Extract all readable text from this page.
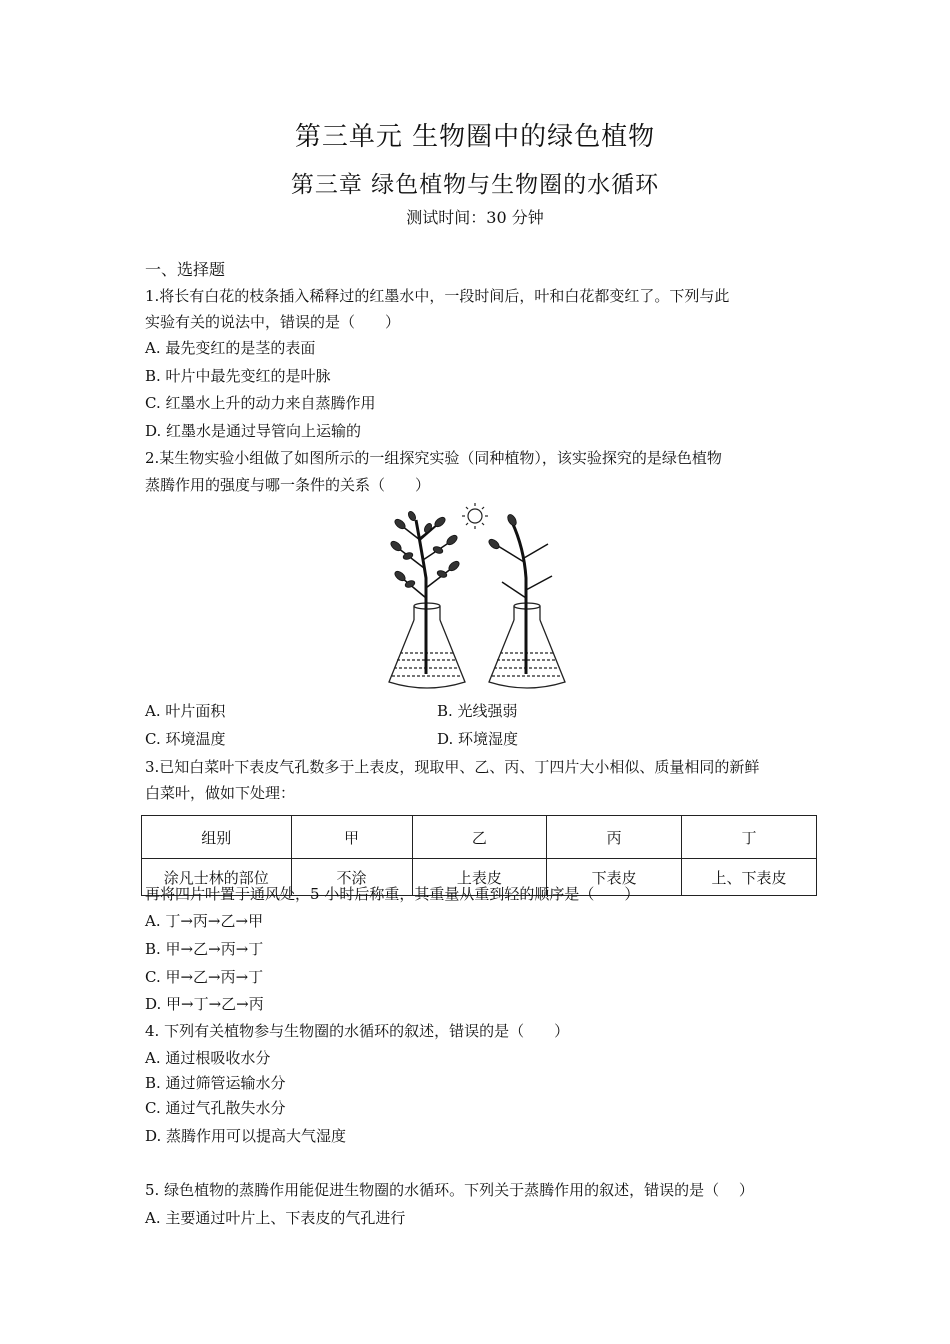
第三单元 生物圈中的绿色植物
第三章 绿色植物与生物圈的水循环
测试时间：30 分钟
一、选择题
1.将长有白花的枝条插入稀释过的红墨水中，一段时间后，叶和白花都变红了。下列与此
实验有关的说法中，错误的是（　　）
A. 最先变红的是茎的表面
B. 叶片中最先变红的是叶脉
C. 红墨水上升的动力来自蒸腾作用
D. 红墨水是通过导管向上运输的
2.某生物实验小组做了如图所示的一组探究实验（同种植物），该实验探究的是绿色植物
蒸腾作用的强度与哪一条件的关系（　　）
A. 叶片面积	B. 光线强弱
C. 环境温度	D. 环境湿度
3.已知白菜叶下表皮气孔数多于上表皮，现取甲、乙、丙、丁四片大小相似、质量相同的新鲜
白菜叶，做如下处理：
组别	甲	乙	丙	丁
涂凡士林的部位	不涂	上表皮	下表皮	上、下表皮
再将四片叶置于通风处，5 小时后称重，其重量从重到轻的顺序是（　　）
A. 丁→丙→乙→甲
B. 甲→乙→丙→丁
C. 甲→乙→丙→丁
D. 甲→丁→乙→丙
4. 下列有关植物参与生物圈的水循环的叙述，错误的是（　　）
A. 通过根吸收水分
B. 通过筛管运输水分
C. 通过气孔散失水分
D. 蒸腾作用可以提高大气湿度
5. 绿色植物的蒸腾作用能促进生物圈的水循环。下列关于蒸腾作用的叙述，错误的是（　 ）
A. 主要通过叶片上、下表皮的气孔进行
